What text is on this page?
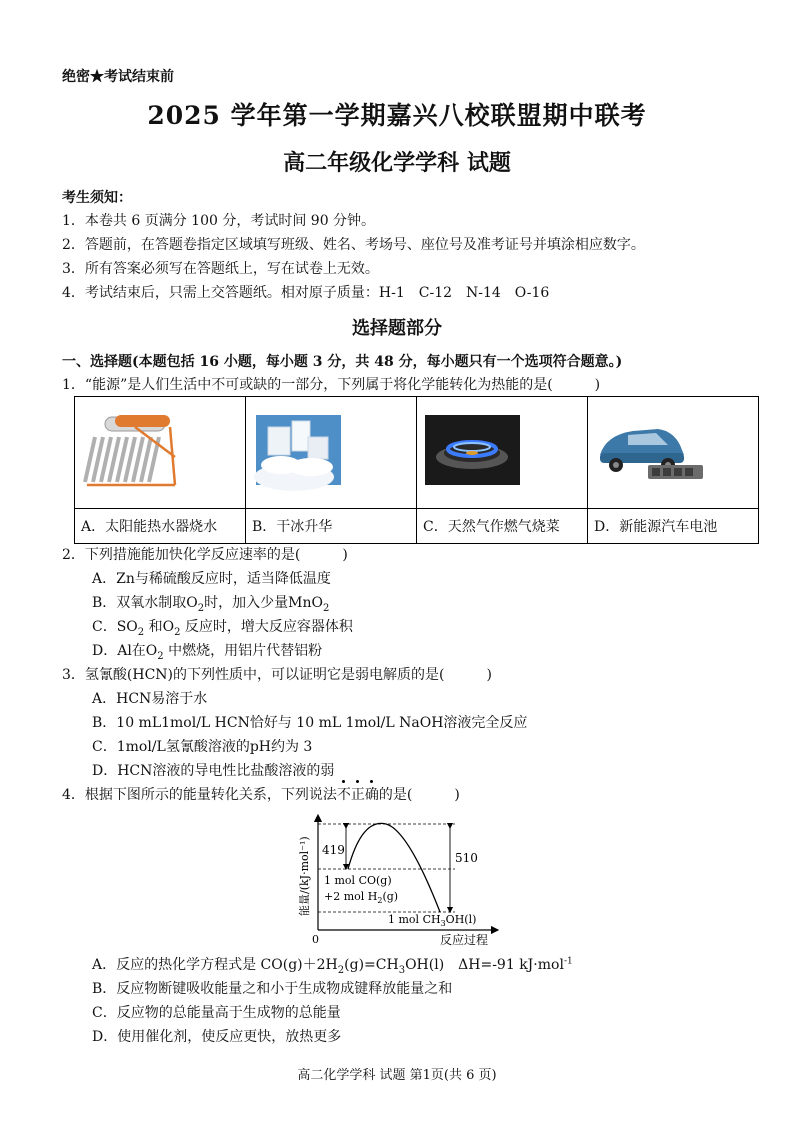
绝密★考试结束前
2025 学年第一学期嘉兴八校联盟期中联考
高二年级化学学科 试题
考生须知：
1．本卷共 6 页满分 100 分，考试时间 90 分钟。
2．答题前，在答题卷指定区域填写班级、姓名、考场号、座位号及准考证号并填涂相应数字。
3．所有答案必须写在答题纸上，写在试卷上无效。
4．考试结束后，只需上交答题纸。相对原子质量：H-1　C-12　N-14　O-16
选择题部分
一、选择题(本题包括 16 小题，每小题 3 分，共 48 分，每小题只有一个选项符合题意。)
1．“能源”是人们生活中不可或缺的一部分，下列属于将化学能转化为热能的是(　　　)

A．太阳能热水器烧水	B．干冰升华	C．天然气作燃气烧菜	D．新能源汽车电池
2．下列措施能加快化学反应速率的是(　　　)
A．Zn与稀硫酸反应时，适当降低温度
B．双氧水制取$O_2$时，加入少量MnO$_2$
C．$SO_2$ 和$O_2$ 反应时，增大反应容器体积
D．Al在$O_2$ 中燃烧，用铝片代替铝粉
3．氢氰酸(HCN)的下列性质中，可以证明它是弱电解质的是(　　　)
A．HCN易溶于水
B．10 mL1mol/L HCN恰好与 10 mL 1mol/L NaOH溶液完全反应
C．1mol/L氢氰酸溶液的pH约为 3
D．HCN溶液的导电性比盐酸溶液的弱
4．根据下图所示的能量转化关系，下列说法不正确
的是(　　　)
419
510
1 mol CO(g)
+2 mol $H_2(g)$
1 mol $CH_3OH(l)$
0	反应过程
能量/(kJ·mol⁻¹)
A．反应的热化学方程式是 $CO(g)+2H_2(g)=CH_3OH(l)$　ΔH=-91 kJ·mol$^{-1}$
B．反应物断键吸收能量之和小于生成物成键释放能量之和
C．反应物的总能量高于生成物的总能量
D．使用催化剂，使反应更快，放热更多
高二化学学科 试题 第1页(共 6 页)
